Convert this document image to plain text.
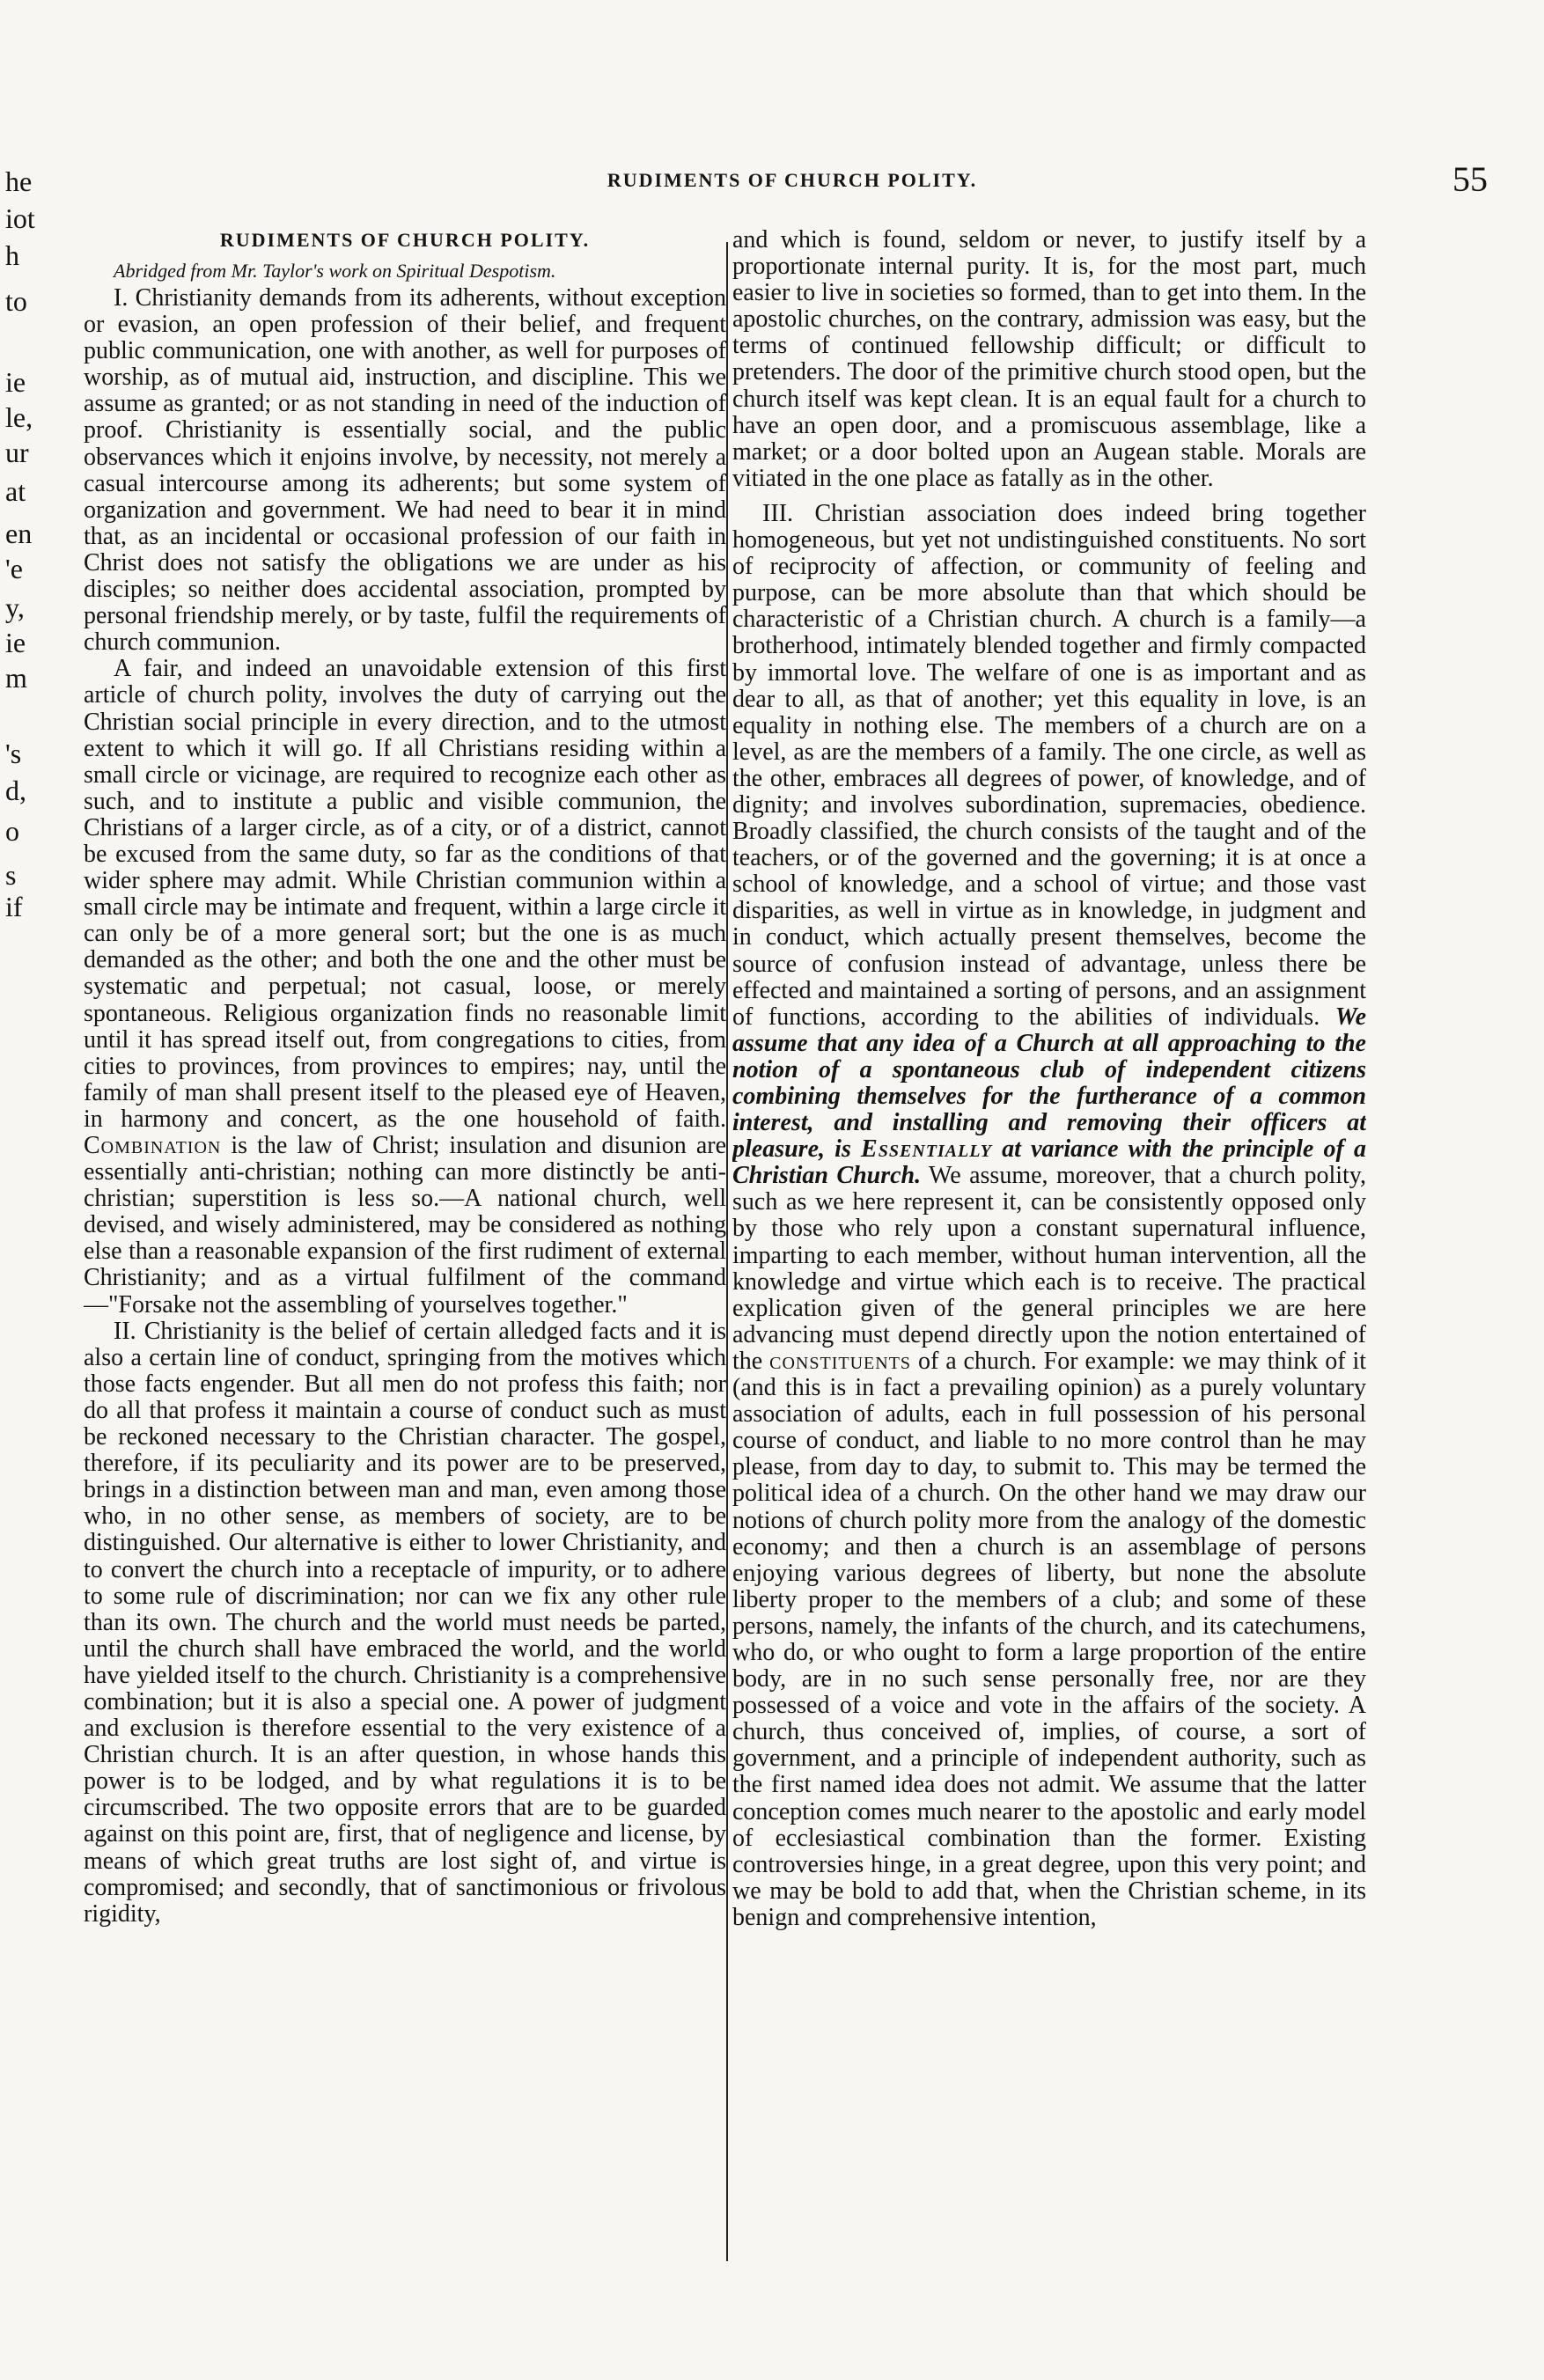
he
iot
h
to
ie
le,
ur
at
en
'e
y,
ie
m
's
d,
o
s
if
RUDIMENTS OF CHURCH POLITY.	55
RUDIMENTS OF CHURCH POLITY.
Abridged from Mr. Taylor's work on Spiritual Despotism.

I. Christianity demands from its adherents, without exception or evasion, an open profession of their belief, and frequent public communication, one with another, as well for purposes of worship, as of mutual aid, instruction, and discipline. This we assume as granted; or as not standing in need of the induction of proof. Christianity is essentially social, and the public observances which it enjoins involve, by necessity, not merely a casual intercourse among its adherents; but some system of organization and government. We had need to bear it in mind that, as an incidental or occasional profession of our faith in Christ does not satisfy the obligations we are under as his disciples; so neither does accidental association, prompted by personal friendship merely, or by taste, fulfil the requirements of church communion.

A fair, and indeed an unavoidable extension of this first article of church polity, involves the duty of carrying out the Christian social principle in every direction, and to the utmost extent to which it will go. If all Christians residing within a small circle or vicinage, are required to recognize each other as such, and to institute a public and visible communion, the Christians of a larger circle, as of a city, or of a district, cannot be excused from the same duty, so far as the conditions of that wider sphere may admit. While Christian communion within a small circle may be intimate and frequent, within a large circle it can only be of a more general sort; but the one is as much demanded as the other; and both the one and the other must be systematic and perpetual; not casual, loose, or merely spontaneous. Religious organization finds no reasonable limit until it has spread itself out, from congregations to cities, from cities to provinces, from provinces to empires; nay, until the family of man shall present itself to the pleased eye of Heaven, in harmony and concert, as the one household of faith. Combination is the law of Christ; insulation and disunion are essentially anti-christian; nothing can more distinctly be anti-christian; superstition is less so.—A national church, well devised, and wisely administered, may be considered as nothing else than a reasonable expansion of the first rudiment of external Christianity; and as a virtual fulfilment of the command—"Forsake not the assembling of yourselves together."

II. Christianity is the belief of certain alledged facts and it is also a certain line of conduct, springing from the motives which those facts engender. But all men do not profess this faith; nor do all that profess it maintain a course of conduct such as must be reckoned necessary to the Christian character. The gospel, therefore, if its peculiarity and its power are to be preserved, brings in a distinction between man and man, even among those who, in no other sense, as members of society, are to be distinguished. Our alternative is either to lower Christianity, and to convert the church into a receptacle of impurity, or to adhere to some rule of discrimination; nor can we fix any other rule than its own. The church and the world must needs be parted, until the church shall have embraced the world, and the world have yielded itself to the church. Christianity is a comprehensive combination; but it is also a special one. A power of judgment and exclusion is therefore essential to the very existence of a Christian church. It is an after question, in whose hands this power is to be lodged, and by what regulations it is to be circumscribed. The two opposite errors that are to be guarded against on this point are, first, that of negligence and license, by means of which great truths are lost sight of, and virtue is compromised; and secondly, that of sanctimonious or frivolous rigidity,

and which is found, seldom or never, to justify itself by a proportionate internal purity. It is, for the most part, much easier to live in societies so formed, than to get into them. In the apostolic churches, on the contrary, admission was easy, but the terms of continued fellowship difficult; or difficult to pretenders. The door of the primitive church stood open, but the church itself was kept clean. It is an equal fault for a church to have an open door, and a promiscuous assemblage, like a market; or a door bolted upon an Augean stable. Morals are vitiated in the one place as fatally as in the other.

III. Christian association does indeed bring together homogeneous, but yet not undistinguished constituents. No sort of reciprocity of affection, or community of feeling and purpose, can be more absolute than that which should be characteristic of a Christian church. A church is a family—a brotherhood, intimately blended together and firmly compacted by immortal love. The welfare of one is as important and as dear to all, as that of another; yet this equality in love, is an equality in nothing else. The members of a church are on a level, as are the members of a family. The one circle, as well as the other, embraces all degrees of power, of knowledge, and of dignity; and involves subordination, supremacies, obedience. Broadly classified, the church consists of the taught and of the teachers, or of the governed and the governing; it is at once a school of knowledge, and a school of virtue; and those vast disparities, as well in virtue as in knowledge, in judgment and in conduct, which actually present themselves, become the source of confusion instead of advantage, unless there be effected and maintained a sorting of persons, and an assignment of functions, according to the abilities of individuals. We assume that any idea of a Church at all approaching to the notion of a spontaneous club of independent citizens combining themselves for the furtherance of a common interest, and installing and removing their officers at pleasure, is Essentially at variance with the principle of a Christian Church. We assume, moreover, that a church polity, such as we here represent it, can be consistently opposed only by those who rely upon a constant supernatural influence, imparting to each member, without human intervention, all the knowledge and virtue which each is to receive. The practical explication given of the general principles we are here advancing must depend directly upon the notion entertained of the constituents of a church. For example: we may think of it (and this is in fact a prevailing opinion) as a purely voluntary association of adults, each in full possession of his personal course of conduct, and liable to no more control than he may please, from day to day, to submit to. This may be termed the political idea of a church. On the other hand we may draw our notions of church polity more from the analogy of the domestic economy; and then a church is an assemblage of persons enjoying various degrees of liberty, but none the absolute liberty proper to the members of a club; and some of these persons, namely, the infants of the church, and its catechumens, who do, or who ought to form a large proportion of the entire body, are in no such sense personally free, nor are they possessed of a voice and vote in the affairs of the society. A church, thus conceived of, implies, of course, a sort of government, and a principle of independent authority, such as the first named idea does not admit. We assume that the latter conception comes much nearer to the apostolic and early model of ecclesiastical combination than the former. Existing controversies hinge, in a great degree, upon this very point; and we may be bold to add that, when the Christian scheme, in its benign and comprehensive intention,
